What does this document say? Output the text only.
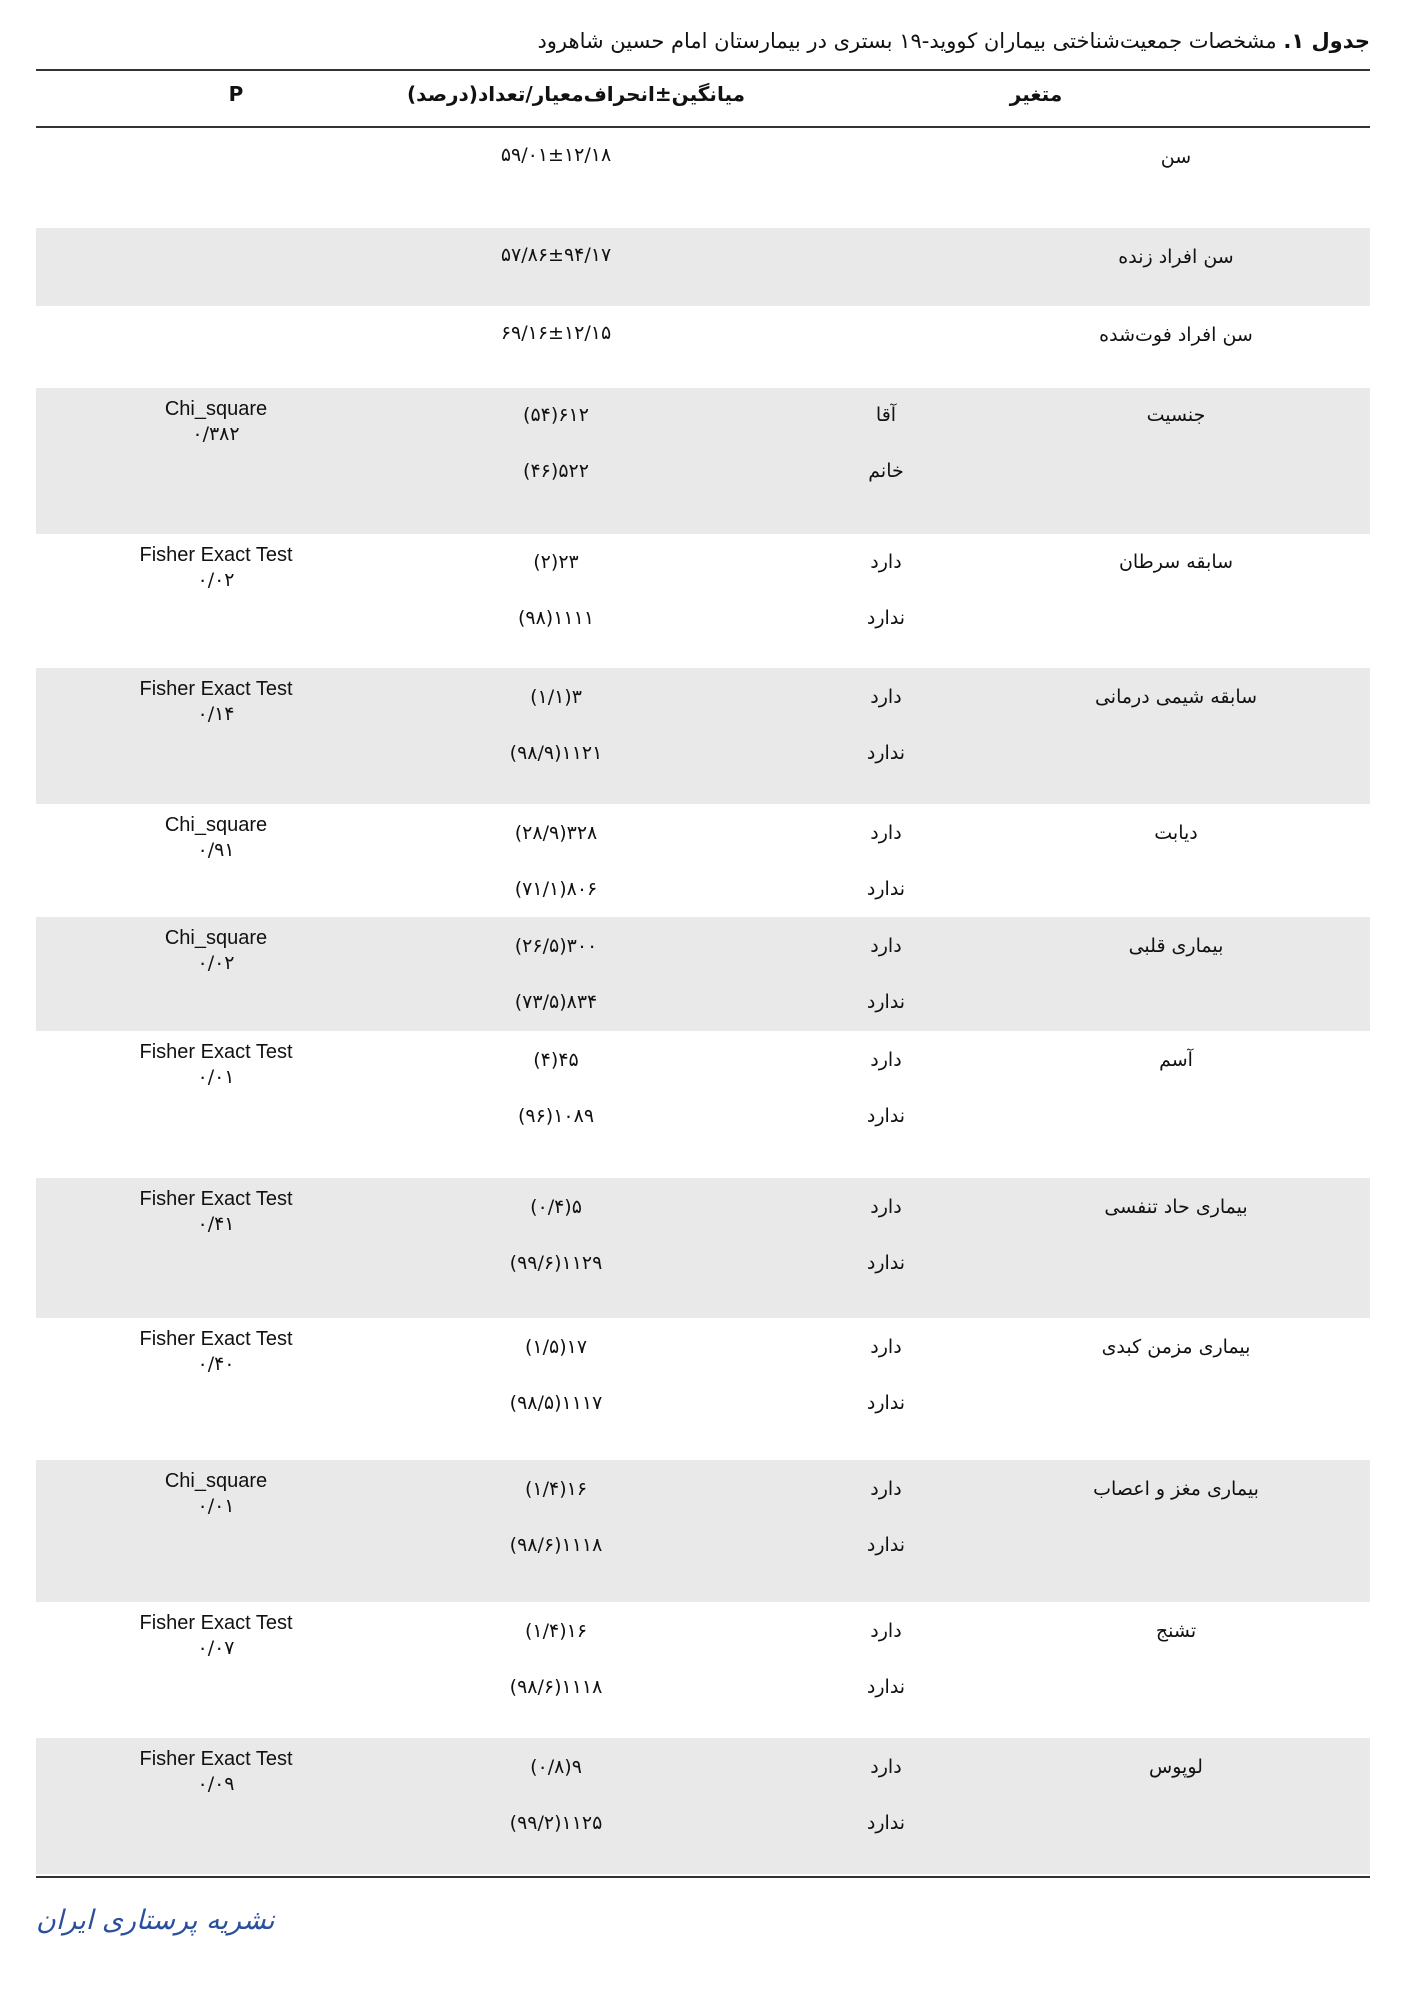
جدول ۱. مشخصات جمعیت‌شناختی بیماران کووید-۱۹ بستری در بیمارستان امام حسین شاهرود
متغیر
میانگین±انحراف‌معیار/تعداد(درصد)
P
سن
۵۹/۰۱±۱۲/۱۸
سن افراد زنده
۵۷/۸۶±۹۴/۱۷
سن افراد فوت‌شده
۶۹/۱۶±۱۲/۱۵
جنسیت
آقا
۶۱۲(۵۴)
خانم
۵۲۲(۴۶)
Chi_square
۰/۳۸۲
سابقه سرطان
دارد
۲۳(۲)
ندارد
۱۱۱۱(۹۸)
Fisher Exact Test
۰/۰۲
سابقه شیمی درمانی
دارد
۳(۱/۱)
ندارد
۱۱۲۱(۹۸/۹)
Fisher Exact Test
۰/۱۴
دیابت
دارد
۳۲۸(۲۸/۹)
ندارد
۸۰۶(۷۱/۱)
Chi_square
۰/۹۱
بیماری قلبی
دارد
۳۰۰(۲۶/۵)
ندارد
۸۳۴(۷۳/۵)
Chi_square
۰/۰۲
آسم
دارد
۴۵(۴)
ندارد
۱۰۸۹(۹۶)
Fisher Exact Test
۰/۰۱
بیماری حاد تنفسی
دارد
۵(۰/۴)
ندارد
۱۱۲۹(۹۹/۶)
Fisher Exact Test
۰/۴۱
بیماری مزمن کبدی
دارد
۱۷(۱/۵)
ندارد
۱۱۱۷(۹۸/۵)
Fisher Exact Test
۰/۴۰
بیماری مغز و اعصاب
دارد
۱۶(۱/۴)
ندارد
۱۱۱۸(۹۸/۶)
Chi_square
۰/۰۱
تشنج
دارد
۱۶(۱/۴)
ندارد
۱۱۱۸(۹۸/۶)
Fisher Exact Test
۰/۰۷
لوپوس
دارد
۹(۰/۸)
ندارد
۱۱۲۵(۹۹/۲)
Fisher Exact Test
۰/۰۹
نشریه پرستاری ایران
